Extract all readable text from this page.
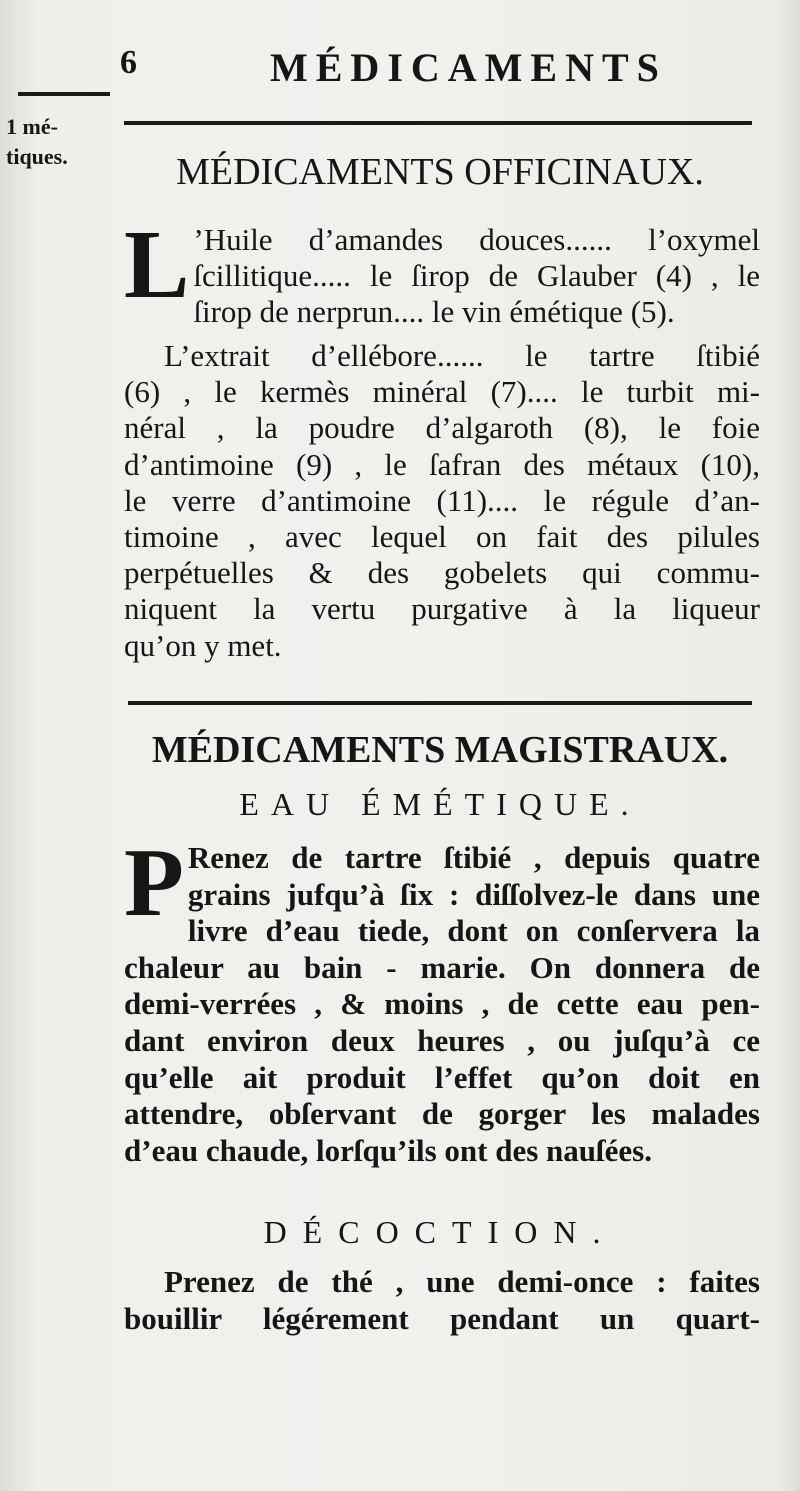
6	MÉDICAMENTS
1 mé-
tiques.	MÉDICAMENTS OFFICINAUX.
L ’Huile d’amandes douces...... l’oxymel
ſcillitique..... le ſirop de Glauber (4) , le
ſirop de nerprun.... le vin émétique (5).
L’extrait d’ellébore...... le tartre ſtibié
(6) , le kermès minéral (7).... le turbit mi-
néral , la poudre d’algaroth (8), le foie
d’antimoine (9) , le ſafran des métaux (10),
le verre d’antimoine (11).... le régule d’an-
timoine , avec lequel on fait des pilules
perpétuelles & des gobelets qui commu-
niquent la vertu purgative à la liqueur
qu’on y met.
MÉDICAMENTS MAGISTRAUX.
EAU ÉMÉTIQUE.
P Renez de tartre ſtibié , depuis quatre
grains jufqu’à ſix : diſſolvez-le dans une
livre d’eau tiede, dont on conſervera la
chaleur au bain - marie. On donnera de
demi-verrées , & moins , de cette eau pen-
dant environ deux heures , ou juſqu’à ce
qu’elle ait produit l’effet qu’on doit en
attendre, obſervant de gorger les malades
d’eau chaude, lorſqu’ils ont des nauſées.
DÉCOCTION.
Prenez de thé , une demi-once : faites
bouillir légérement pendant un quart-
